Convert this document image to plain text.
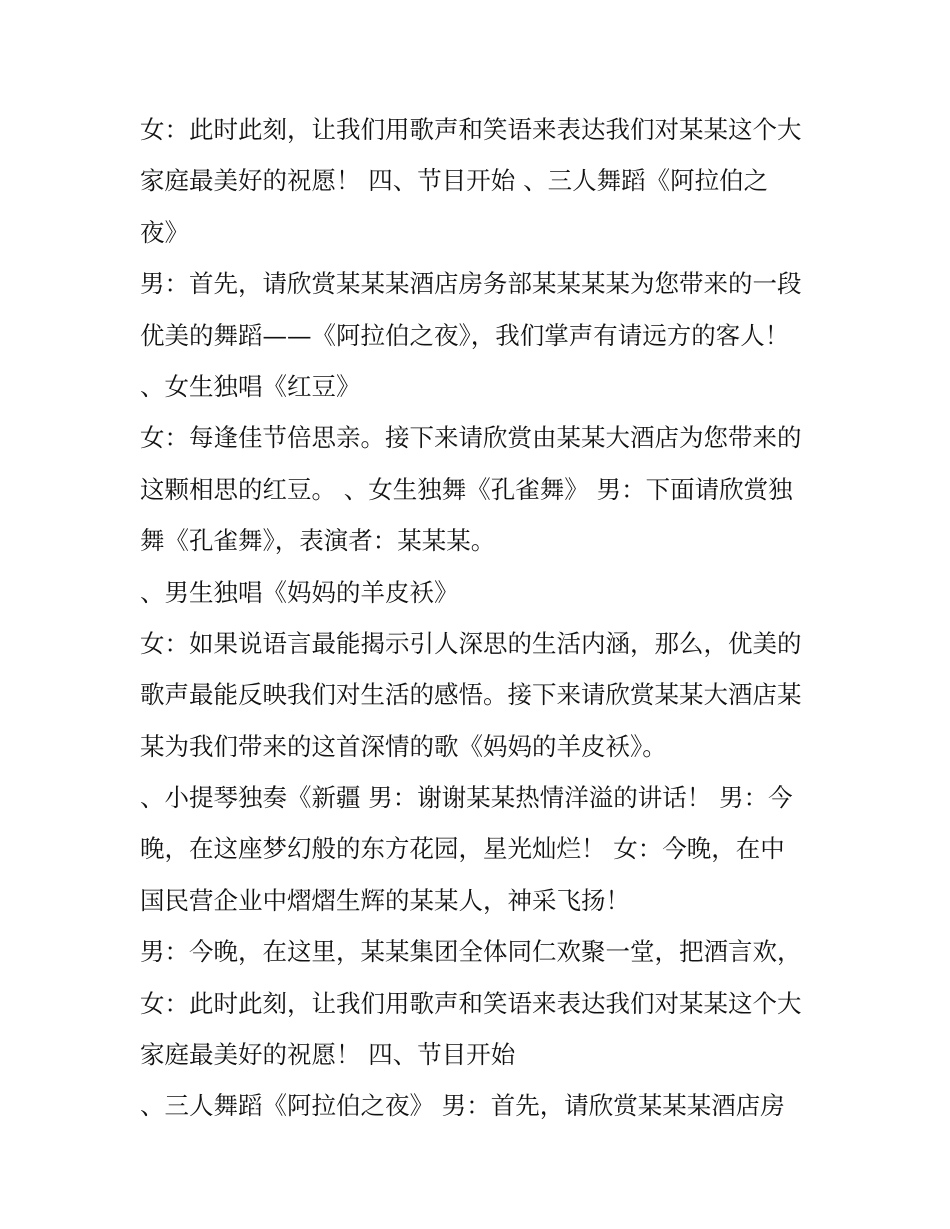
女：此时此刻，让我们用歌声和笑语来表达我们对某某这个大
家庭最美好的祝愿！ 四、节目开始 、三人舞蹈《阿拉伯之
夜》
男：首先，请欣赏某某某酒店房务部某某某某为您带来的一段
优美的舞蹈——《阿拉伯之夜》，我们掌声有请远方的客人！
、女生独唱《红豆》
女：每逢佳节倍思亲。接下来请欣赏由某某大酒店为您带来的
这颗相思的红豆。 、女生独舞《孔雀舞》 男：下面请欣赏独
舞《孔雀舞》，表演者：某某某。
、男生独唱《妈妈的羊皮袄》
女：如果说语言最能揭示引人深思的生活内涵，那么，优美的
歌声最能反映我们对生活的感悟。接下来请欣赏某某大酒店某
某为我们带来的这首深情的歌《妈妈的羊皮袄》。
、小提琴独奏《新疆 男：谢谢某某热情洋溢的讲话！ 男：今
晚，在这座梦幻般的东方花园，星光灿烂！ 女：今晚，在中
国民营企业中熠熠生辉的某某人，神采飞扬！
男：今晚，在这里，某某集团全体同仁欢聚一堂，把酒言欢，
女：此时此刻，让我们用歌声和笑语来表达我们对某某这个大
家庭最美好的祝愿！ 四、节目开始
、三人舞蹈《阿拉伯之夜》 男：首先，请欣赏某某某酒店房
